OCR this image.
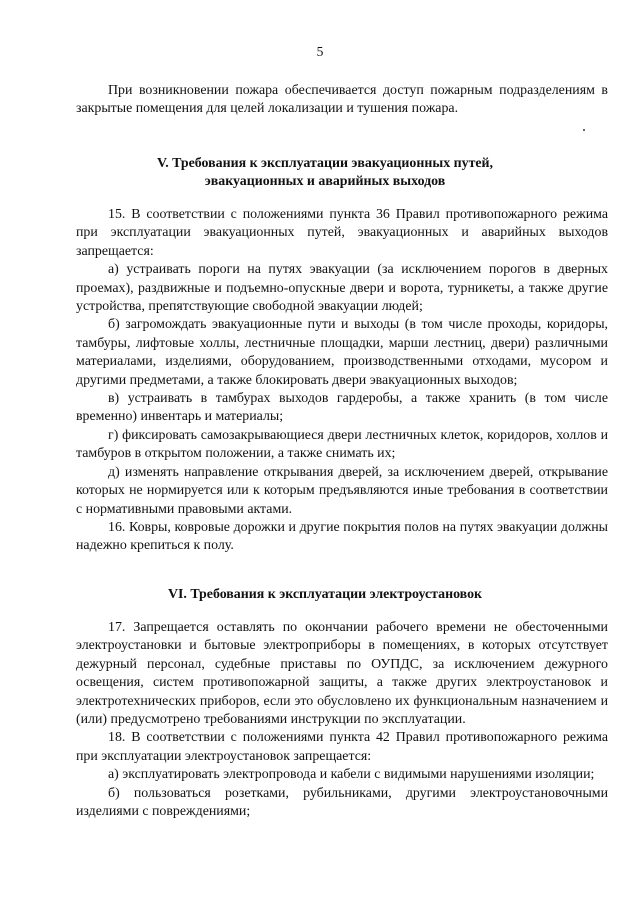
5

При возникновении пожара обеспечивается доступ пожарным подразделениям в закрытые помещения для целей локализации и тушения пожара.

V. Требования к эксплуатации эвакуационных путей,
эвакуационных и аварийных выходов

15. В соответствии с положениями пункта 36 Правил противопожарного режима при эксплуатации эвакуационных путей, эвакуационных и аварийных выходов запрещается:

а) устраивать пороги на путях эвакуации (за исключением порогов в дверных проемах), раздвижные и подъемно-опускные двери и ворота, турникеты, а также другие устройства, препятствующие свободной эвакуации людей;

б) загромождать эвакуационные пути и выходы (в том числе проходы, коридоры, тамбуры, лифтовые холлы, лестничные площадки, марши лестниц, двери) различными материалами, изделиями, оборудованием, производственными отходами, мусором и другими предметами, а также блокировать двери эвакуационных выходов;

в) устраивать в тамбурах выходов гардеробы, а также хранить (в том числе временно) инвентарь и материалы;

г) фиксировать самозакрывающиеся двери лестничных клеток, коридоров, холлов и тамбуров в открытом положении, а также снимать их;

д) изменять направление открывания дверей, за исключением дверей, открывание которых не нормируется или к которым предъявляются иные требования в соответствии с нормативными правовыми актами.

16. Ковры, ковровые дорожки и другие покрытия полов на путях эвакуации должны надежно крепиться к полу.

VI. Требования к эксплуатации электроустановок

17. Запрещается оставлять по окончании рабочего времени не обесточенными электроустановки и бытовые электроприборы в помещениях, в которых отсутствует дежурный персонал, судебные приставы по ОУПДС, за исключением дежурного освещения, систем противопожарной защиты, а также других электроустановок и электротехнических приборов, если это обусловлено их функциональным назначением и (или) предусмотрено требованиями инструкции по эксплуатации.

18. В соответствии с положениями пункта 42 Правил противопожарного режима при эксплуатации электроустановок запрещается:

а) эксплуатировать электропровода и кабели с видимыми нарушениями изоляции;

б) пользоваться розетками, рубильниками, другими электроустановочными изделиями с повреждениями;
